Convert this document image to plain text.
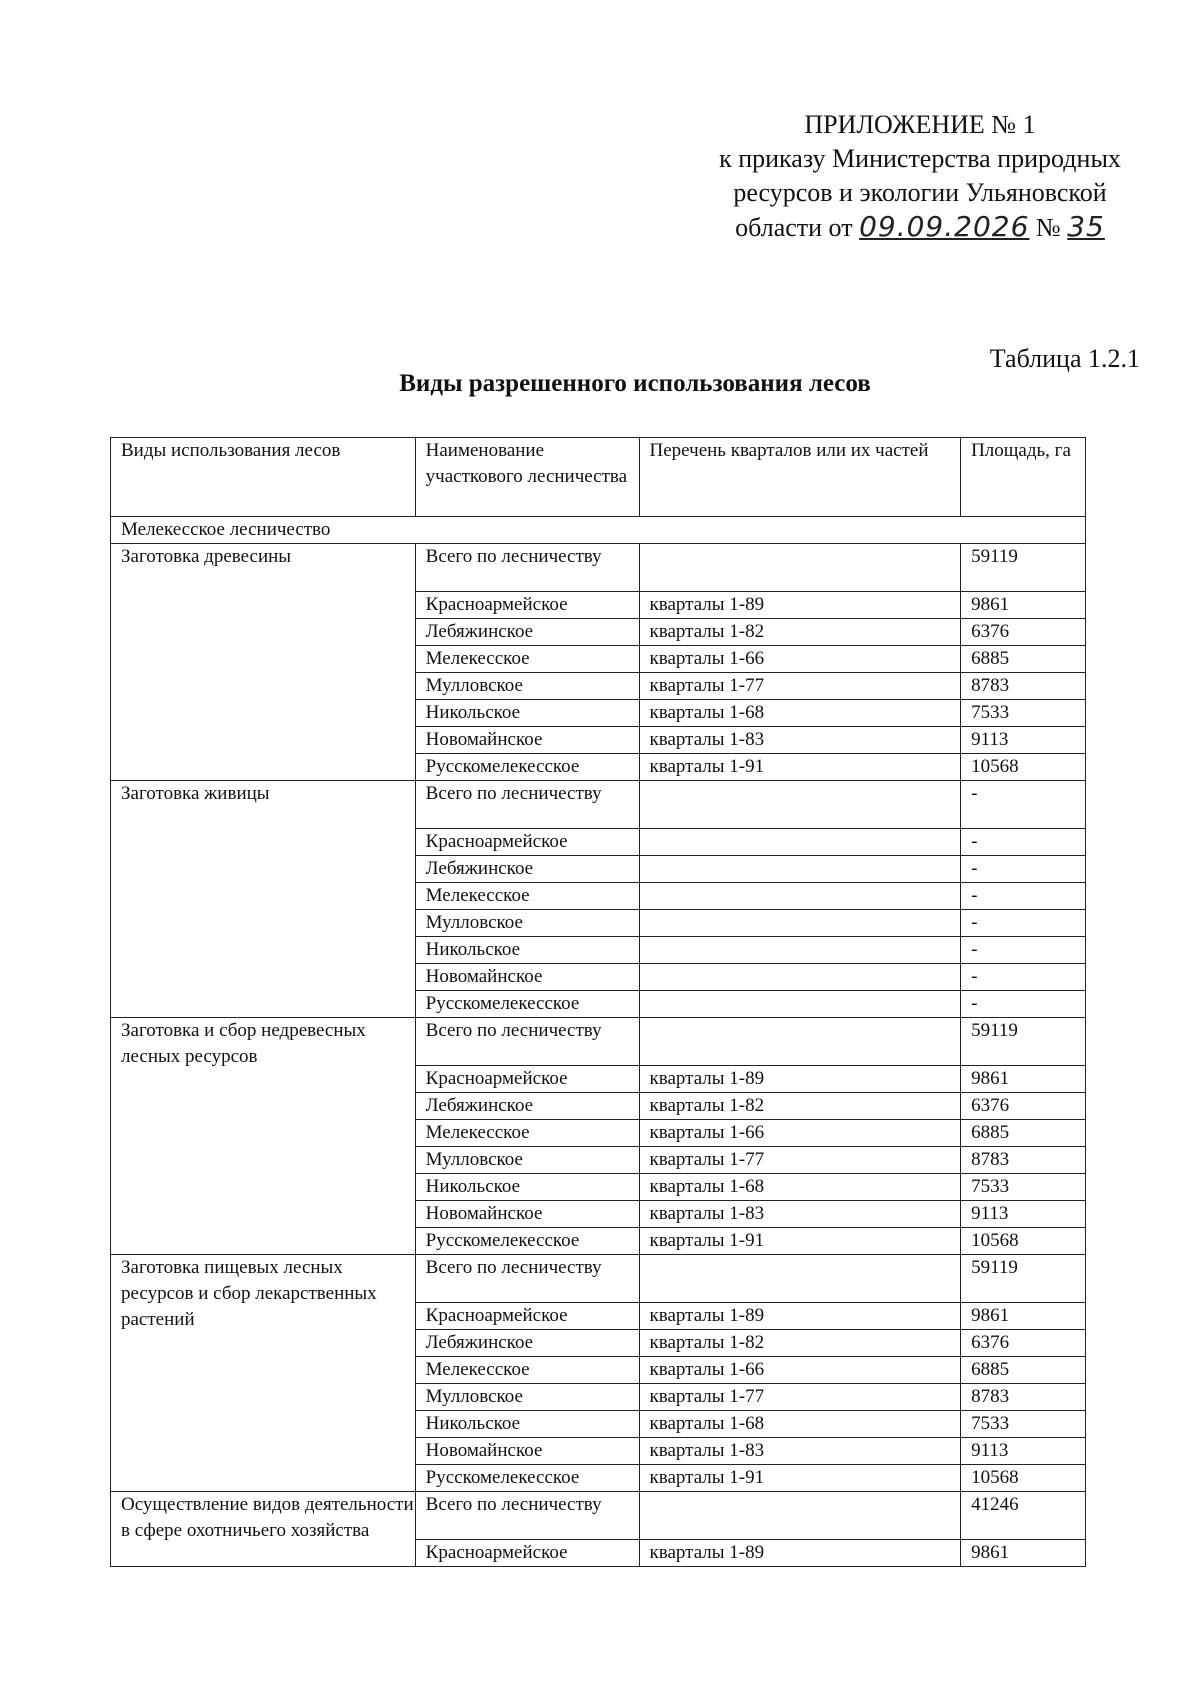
ПРИЛОЖЕНИЕ № 1
к приказу Министерства природных
ресурсов и экологии Ульяновской
области от 09.09.2026 № 35
Таблица 1.2.1
Виды разрешенного использования лесов
Виды использования лесов	Наименование участкового лесничества	Перечень кварталов или их частей	Площадь, га
Мелекесское лесничество			
Заготовка древесины	Всего по лесничеству		59119
	Красноармейское	кварталы 1-89	9861
	Лебяжинское	кварталы 1-82	6376
	Мелекесское	кварталы 1-66	6885
	Мулловское	кварталы 1-77	8783
	Никольское	кварталы 1-68	7533
	Новомайнское	кварталы 1-83	9113
	Русскомелекесское	кварталы 1-91	10568
Заготовка живицы	Всего по лесничеству		-
	Красноармейское		-
	Лебяжинское		-
	Мелекесское		-
	Мулловское		-
	Никольское		-
	Новомайнское		-
	Русскомелекесское		-
Заготовка и сбор недревесных лесных ресурсов	Всего по лесничеству		59119
	Красноармейское	кварталы 1-89	9861
	Лебяжинское	кварталы 1-82	6376
	Мелекесское	кварталы 1-66	6885
	Мулловское	кварталы 1-77	8783
	Никольское	кварталы 1-68	7533
	Новомайнское	кварталы 1-83	9113
	Русскомелекесское	кварталы 1-91	10568
Заготовка пищевых лесных ресурсов и сбор лекарственных растений	Всего по лесничеству		59119
	Красноармейское	кварталы 1-89	9861
	Лебяжинское	кварталы 1-82	6376
	Мелекесское	кварталы 1-66	6885
	Мулловское	кварталы 1-77	8783
	Никольское	кварталы 1-68	7533
	Новомайнское	кварталы 1-83	9113
	Русскомелекесское	кварталы 1-91	10568
Осуществление видов деятельности в сфере охотничьего хозяйства	Всего по лесничеству		41246
	Красноармейское	кварталы 1-89	9861
